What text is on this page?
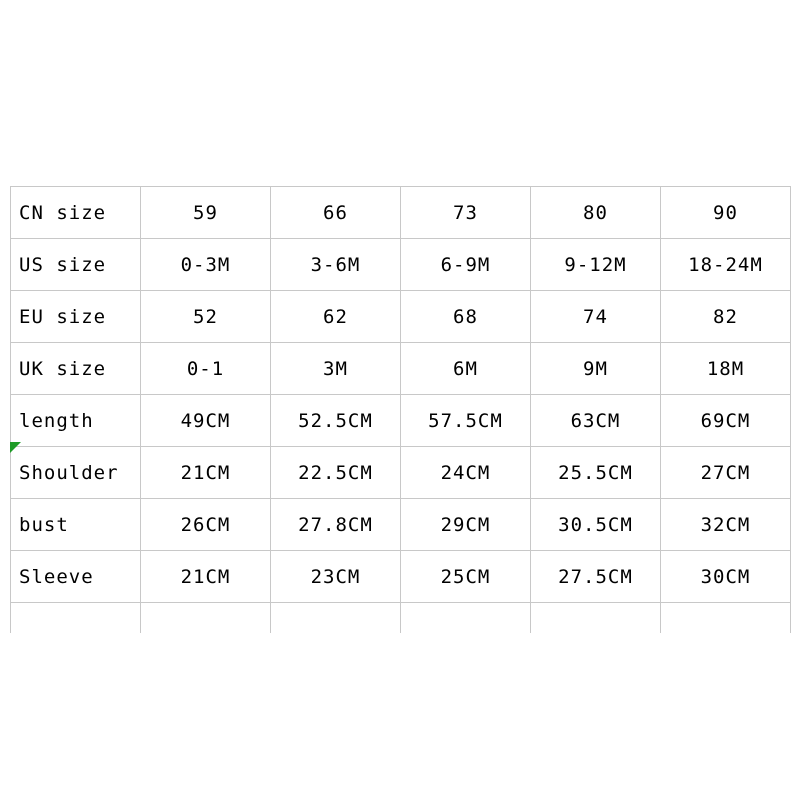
CN size	59	66	73	80	90
US size	0-3M	3-6M	6-9M	9-12M	18-24M
EU size	52	62	68	74	82
UK size	0-1	3M	6M	9M	18M
length	49CM	52.5CM	57.5CM	63CM	69CM
Shoulder	21CM	22.5CM	24CM	25.5CM	27CM
bust	26CM	27.8CM	29CM	30.5CM	32CM
Sleeve	21CM	23CM	25CM	27.5CM	30CM
